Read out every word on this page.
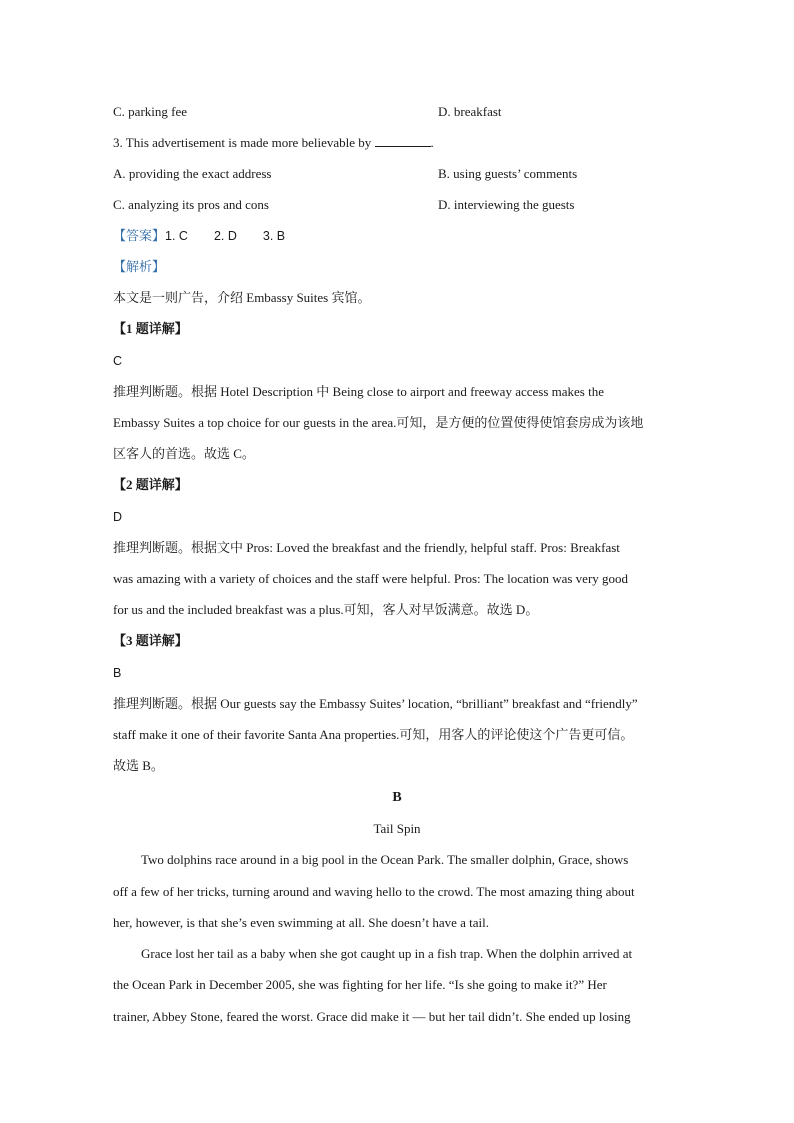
C. parking fee	D. breakfast
3. This advertisement is made more believable by	.
A. providing the exact address	B. using guests’ comments
C. analyzing its pros and cons	D. interviewing the guests
【答案】1. C 2. D 3. B
【解析】
本文是一则广告，介绍 Embassy Suites 宾馆。
【1 题详解】
C
推理判断题。根据 Hotel Description 中 Being close to airport and freeway access makes the
Embassy Suites a top choice for our guests in the area.可知，是方便的位置使得使馆套房成为该地
区客人的首选。故选 C。
【2 题详解】
D
推理判断题。根据文中 Pros: Loved the breakfast and the friendly, helpful staff. Pros: Breakfast
was amazing with a variety of choices and the staff were helpful. Pros: The location was very good
for us and the included breakfast was a plus.可知，客人对早饭满意。故选 D。
【3 题详解】
B
推理判断题。根据 Our guests say the Embassy Suites’ location, “brilliant” breakfast and “friendly”
staff make it one of their favorite Santa Ana properties.可知，用客人的评论使这个广告更可信。
故选 B。
B
Tail Spin
Two dolphins race around in a big pool in the Ocean Park. The smaller dolphin, Grace, shows
off a few of her tricks, turning around and waving hello to the crowd. The most amazing thing about
her, however, is that she’s even swimming at all. She doesn’t have a tail.
Grace lost her tail as a baby when she got caught up in a fish trap. When the dolphin arrived at
the Ocean Park in December 2005, she was fighting for her life. “Is she going to make it?” Her
trainer, Abbey Stone, feared the worst. Grace did make it — but her tail didn’t. She ended up losing
